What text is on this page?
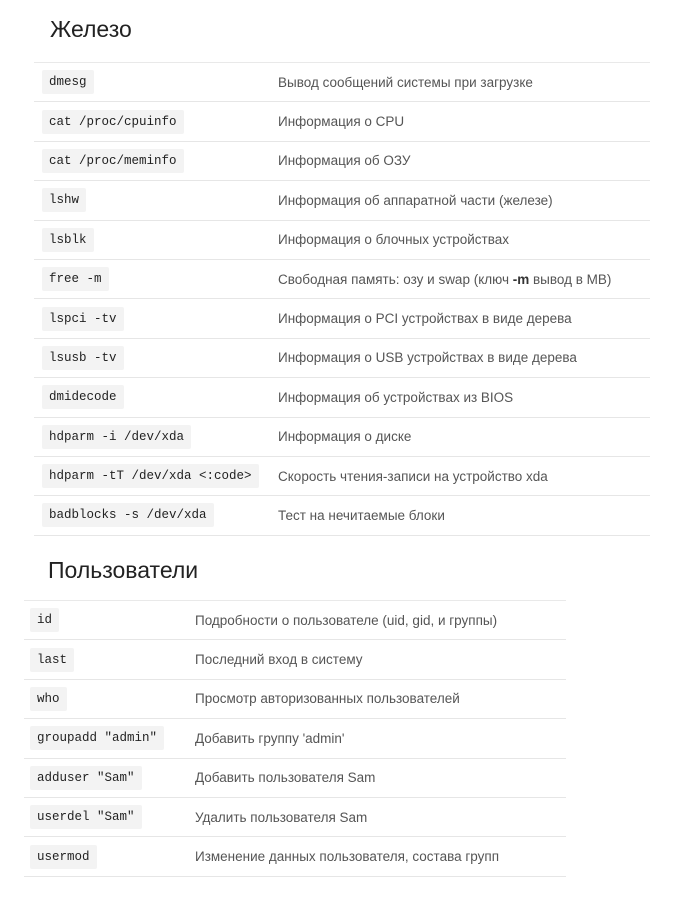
Железо
dmesg	Вывод сообщений системы при загрузке
cat /proc/cpuinfo	Информация о CPU
cat /proc/meminfo	Информация об ОЗУ
lshw	Информация об аппаратной части (железе)
lsblk	Информация о блочных устройствах
free -m	Свободная память: озу и swap (ключ -m вывод в MB)
lspci -tv	Информация о PCI устройствах в виде дерева
lsusb -tv	Информация о USB устройствах в виде дерева
dmidecode	Информация об устройствах из BIOS
hdparm -i /dev/xda	Информация о диске
hdparm -tT /dev/xda <:code>	Скорость чтения-записи на устройство xda
badblocks -s /dev/xda	Тест на нечитаемые блоки
Пользователи
id	Подробности о пользователе (uid, gid, и группы)
last	Последний вход в систему
who	Просмотр авторизованных пользователей
groupadd "admin"	Добавить группу 'admin'
adduser "Sam"	Добавить пользователя Sam
userdel "Sam"	Удалить пользователя Sam
usermod	Изменение данных пользователя, состава групп
